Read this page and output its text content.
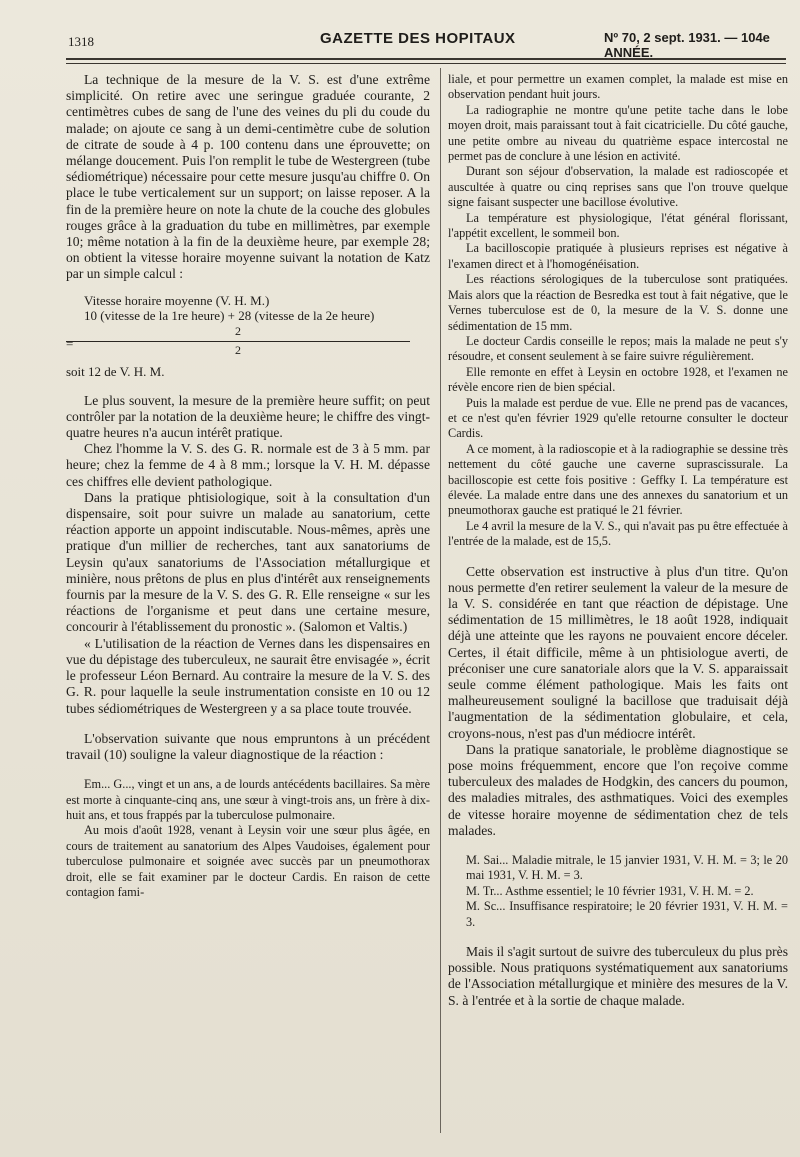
1318	GAZETTE DES HOPITAUX	Nº 70, 2 sept. 1931. — 104e ANNÉE.

La technique de la mesure de la V. S. est d'une extrême simplicité. On retire avec une seringue graduée courante, 2 centimètres cubes de sang de l'une des veines du pli du coude du malade; on ajoute ce sang à un demi-centimètre cube de solution de citrate de soude à 4 p. 100 contenu dans une éprouvette; on mélange doucement. Puis l'on remplit le tube de Westergreen (tube sédiométrique) nécessaire pour cette mesure jusqu'au chiffre 0. On place le tube verticalement sur un support; on laisse reposer. A la fin de la première heure on note la chute de la couche des globules rouges grâce à la graduation du tube en millimètres, par exemple 10; même notation à la fin de la deuxième heure, par exemple 28; on obtient la vitesse horaire moyenne suivant la notation de Katz par un simple calcul :

Vitesse horaire moyenne (V. H. M.)
10 (vitesse de la 1re heure) + 28 (vitesse de la 2e heure)
2
=	2
soit 12 de V. H. M.

Le plus souvent, la mesure de la première heure suffit; on peut contrôler par la notation de la deuxième heure; le chiffre des vingt-quatre heures n'a aucun intérêt pratique.

Chez l'homme la V. S. des G. R. normale est de 3 à 5 mm. par heure; chez la femme de 4 à 8 mm.; lorsque la V. H. M. dépasse ces chiffres elle devient pathologique.

Dans la pratique phtisiologique, soit à la consultation d'un dispensaire, soit pour suivre un malade au sanatorium, cette réaction apporte un appoint indiscutable. Nous-mêmes, après une pratique d'un millier de recherches, tant aux sanatoriums de Leysin qu'aux sanatoriums de l'Association métallurgique et minière, nous prêtons de plus en plus d'intérêt aux renseignements fournis par la mesure de la V. S. des G. R. Elle renseigne « sur les réactions de l'organisme et peut dans une certaine mesure, concourir à l'établissement du pronostic ». (Salomon et Valtis.)

« L'utilisation de la réaction de Vernes dans les dispensaires en vue du dépistage des tuberculeux, ne saurait être envisagée », écrit le professeur Léon Bernard. Au contraire la mesure de la V. S. des G. R. pour laquelle la seule instrumentation consiste en 10 ou 12 tubes sédiométriques de Westergreen y a sa place toute trouvée.

L'observation suivante que nous empruntons à un précédent travail (10) souligne la valeur diagnostique de la réaction :

Em... G..., vingt et un ans, a de lourds antécédents bacillaires. Sa mère est morte à cinquante-cinq ans, une sœur à vingt-trois ans, un frère à dix-huit ans, et tous frappés par la tuberculose pulmonaire.

Au mois d'août 1928, venant à Leysin voir une sœur plus âgée, en cours de traitement au sanatorium des Alpes Vaudoises, également pour tuberculose pulmonaire et soignée avec succès par un pneumothorax droit, elle se fait examiner par le docteur Cardis. En raison de cette contagion fami-

liale, et pour permettre un examen complet, la malade est mise en observation pendant huit jours.

La radiographie ne montre qu'une petite tache dans le lobe moyen droit, mais paraissant tout à fait cicatricielle. Du côté gauche, une petite ombre au niveau du quatrième espace intercostal ne permet pas de conclure à une lésion en activité.

Durant son séjour d'observation, la malade est radioscopée et auscultée à quatre ou cinq reprises sans que l'on trouve quelque signe faisant suspecter une bacillose évolutive.

La température est physiologique, l'état général florissant, l'appétit excellent, le sommeil bon.

La bacilloscopie pratiquée à plusieurs reprises est négative à l'examen direct et à l'homogénéisation.

Les réactions sérologiques de la tuberculose sont pratiquées. Mais alors que la réaction de Besredka est tout à fait négative, que le Vernes tuberculose est de 0, la mesure de la V. S. donne une sédimentation de 15 mm.

Le docteur Cardis conseille le repos; mais la malade ne peut s'y résoudre, et consent seulement à se faire suivre régulièrement.

Elle remonte en effet à Leysin en octobre 1928, et l'examen ne révèle encore rien de bien spécial.

Puis la malade est perdue de vue. Elle ne prend pas de vacances, et ce n'est qu'en février 1929 qu'elle retourne consulter le docteur Cardis.

A ce moment, à la radioscopie et à la radiographie se dessine très nettement du côté gauche une caverne suprascissurale. La bacilloscopie est cette fois positive : Geffky I. La température est élevée. La malade entre dans une des annexes du sanatorium et un pneumothorax gauche est pratiqué le 21 février.

Le 4 avril la mesure de la V. S., qui n'avait pas pu être effectuée à l'entrée de la malade, est de 15,5.

Cette observation est instructive à plus d'un titre. Qu'on nous permette d'en retirer seulement la valeur de la mesure de la V. S. considérée en tant que réaction de dépistage. Une sédimentation de 15 millimètres, le 18 août 1928, indiquait déjà une atteinte que les rayons ne pouvaient encore déceler. Certes, il était difficile, même à un phtisiologue averti, de préconiser une cure sanatoriale alors que la V. S. apparaissait seule comme élément pathologique. Mais les faits ont malheureusement souligné la bacillose que traduisait déjà l'augmentation de la sédimentation globulaire, et cela, croyons-nous, n'est pas d'un médiocre intérêt.

Dans la pratique sanatoriale, le problème diagnostique se pose moins fréquemment, encore que l'on reçoive comme tuberculeux des malades de Hodgkin, des cancers du poumon, des maladies mitrales, des asthmatiques. Voici des exemples de vitesse horaire moyenne de sédimentation chez de tels malades.

M. Sai... Maladie mitrale, le 15 janvier 1931, V. H. M. = 3; le 20 mai 1931, V. H. M. = 3.

M. Tr... Asthme essentiel; le 10 février 1931, V. H. M. = 2.

M. Sc... Insuffisance respiratoire; le 20 février 1931, V. H. M. = 3.

Mais il s'agit surtout de suivre des tuberculeux du plus près possible. Nous pratiquons systématiquement aux sanatoriums de l'Association métallurgique et minière des mesures de la V. S. à l'entrée et à la sortie de chaque malade.
